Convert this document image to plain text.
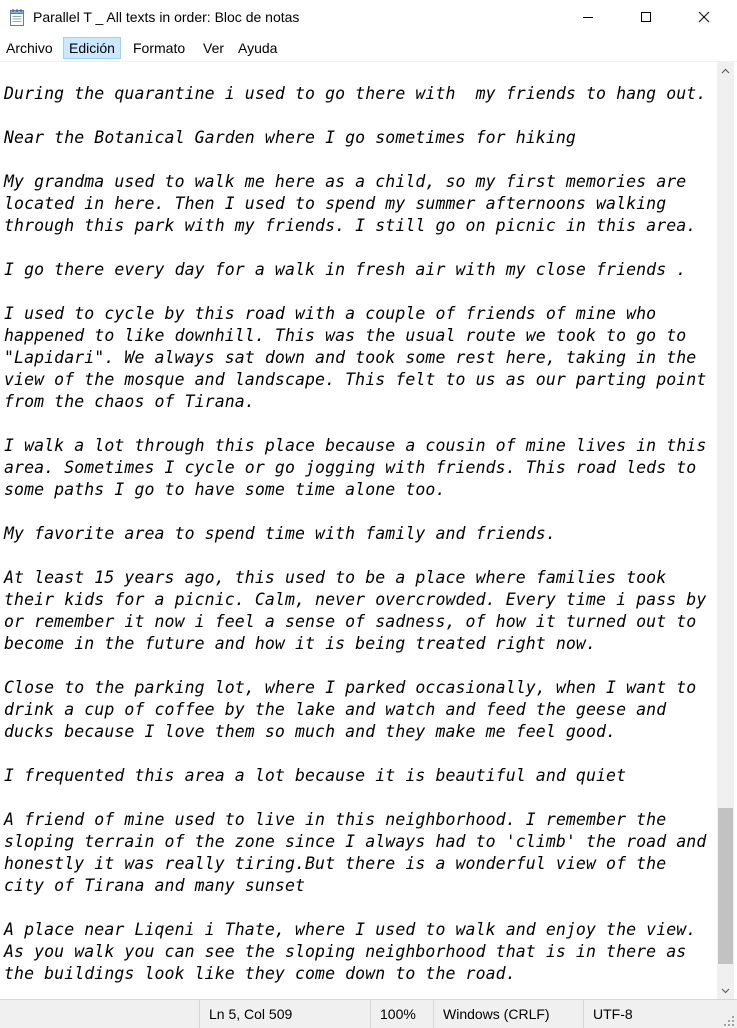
Parallel T _ All texts in order: Bloc de notas
Archivo	Edición	Formato	Ver Ayuda
During the quarantine i used to go there with  my friends to hang out.

Near the Botanical Garden where I go sometimes for hiking

My grandma used to walk me here as a child, so my first memories are
located in here. Then I used to spend my summer afternoons walking
through this park with my friends. I still go on picnic in this area.

I go there every day for a walk in fresh air with my close friends .

I used to cycle by this road with a couple of friends of mine who
happened to like downhill. This was the usual route we took to go to
"Lapidari". We always sat down and took some rest here, taking in the
view of the mosque and landscape. This felt to us as our parting point
from the chaos of Tirana.

I walk a lot through this place because a cousin of mine lives in this
area. Sometimes I cycle or go jogging with friends. This road leds to
some paths I go to have some time alone too.

My favorite area to spend time with family and friends.

At least 15 years ago, this used to be a place where families took
their kids for a picnic. Calm, never overcrowded. Every time i pass by
or remember it now i feel a sense of sadness, of how it turned out to
become in the future and how it is being treated right now.

Close to the parking lot, where I parked occasionally, when I want to
drink a cup of coffee by the lake and watch and feed the geese and
ducks because I love them so much and they make me feel good.

I frequented this area a lot because it is beautiful and quiet

A friend of mine used to live in this neighborhood. I remember the
sloping terrain of the zone since I always had to 'climb' the road and
honestly it was really tiring.But there is a wonderful view of the
city of Tirana and many sunset

A place near Liqeni i Thate, where I used to walk and enjoy the view.
As you walk you can see the sloping neighborhood that is in there as
the buildings look like they come down to the road.
Ln 5, Col 509	100%	Windows (CRLF)	UTF-8
